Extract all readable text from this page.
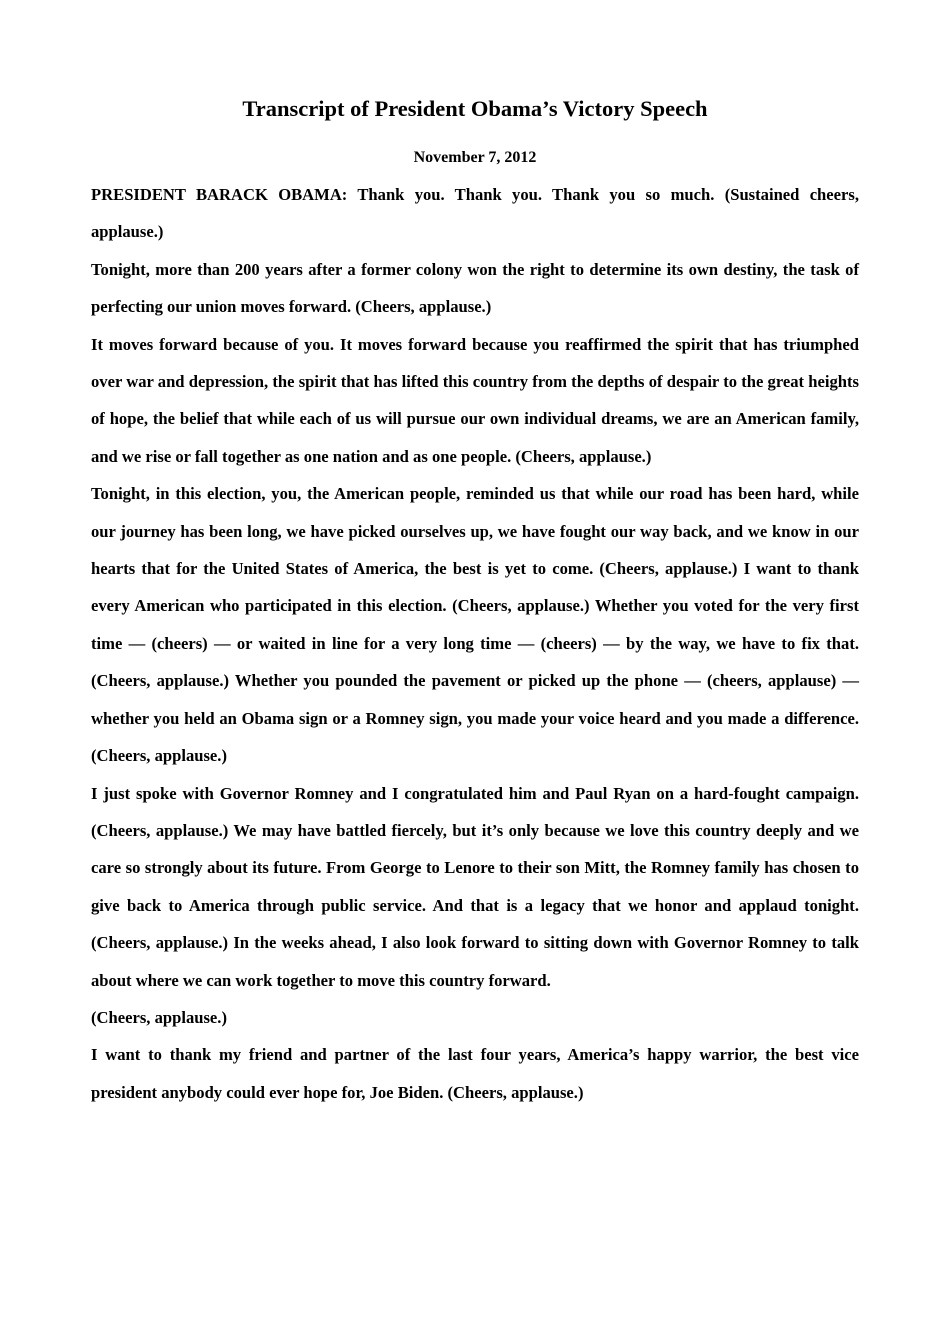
Transcript of President Obama’s Victory Speech
November 7, 2012

PRESIDENT BARACK OBAMA: Thank you. Thank you. Thank you so much. (Sustained cheers, applause.)

Tonight, more than 200 years after a former colony won the right to determine its own destiny, the task of perfecting our union moves forward. (Cheers, applause.)

It moves forward because of you. It moves forward because you reaffirmed the spirit that has triumphed over war and depression, the spirit that has lifted this country from the depths of despair to the great heights of hope, the belief that while each of us will pursue our own individual dreams, we are an American family, and we rise or fall together as one nation and as one people. (Cheers, applause.)

Tonight, in this election, you, the American people, reminded us that while our road has been hard, while our journey has been long, we have picked ourselves up, we have fought our way back, and we know in our hearts that for the United States of America, the best is yet to come. (Cheers, applause.) I want to thank every American who participated in this election. (Cheers, applause.) Whether you voted for the very first time — (cheers) — or waited in line for a very long time — (cheers) — by the way, we have to fix that. (Cheers, applause.) Whether you pounded the pavement or picked up the phone — (cheers, applause) — whether you held an Obama sign or a Romney sign, you made your voice heard and you made a difference. (Cheers, applause.)

I just spoke with Governor Romney and I congratulated him and Paul Ryan on a hard-fought campaign. (Cheers, applause.) We may have battled fiercely, but it’s only because we love this country deeply and we care so strongly about its future. From George to Lenore to their son Mitt, the Romney family has chosen to give back to America through public service. And that is a legacy that we honor and applaud tonight. (Cheers, applause.) In the weeks ahead, I also look forward to sitting down with Governor Romney to talk about where we can work together to move this country forward.

(Cheers, applause.)

I want to thank my friend and partner of the last four years, America’s happy warrior, the best vice president anybody could ever hope for, Joe Biden. (Cheers, applause.)
